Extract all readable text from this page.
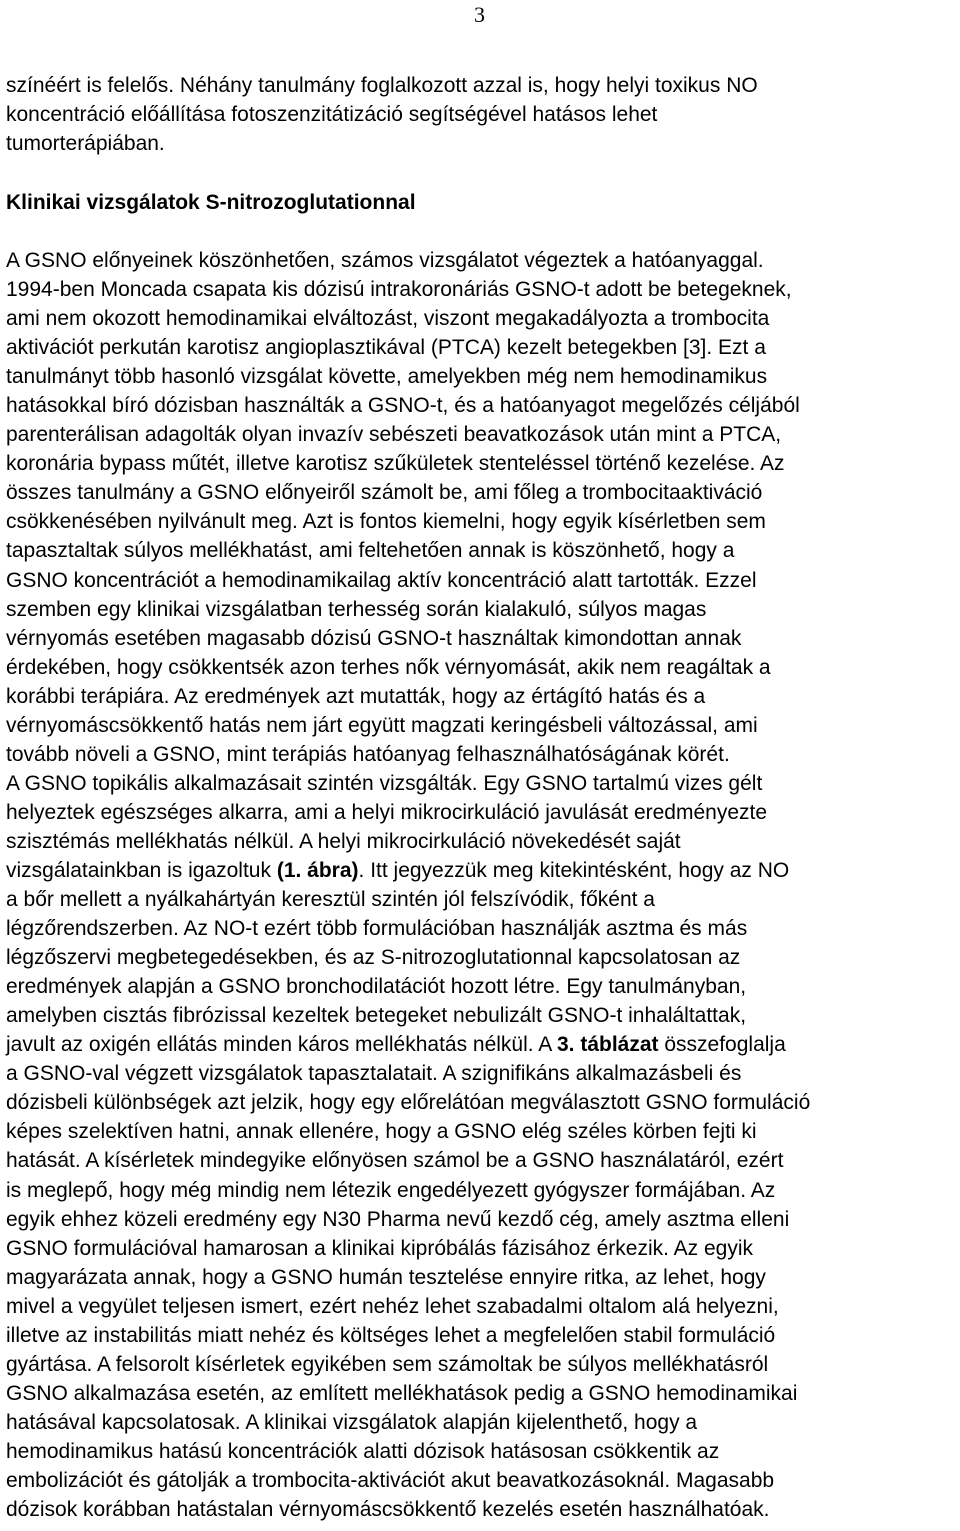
3
színéért is felelős. Néhány tanulmány foglalkozott azzal is, hogy helyi toxikus NO
koncentráció előállítása fotoszenzitátizáció segítségével hatásos lehet
tumorterápiában.
Klinikai vizsgálatok S-nitrozoglutationnal
A GSNO előnyeinek köszönhetően, számos vizsgálatot végeztek a hatóanyaggal.
1994-ben Moncada csapata kis dózisú intrakoronáriás GSNO-t adott be betegeknek,
ami nem okozott hemodinamikai elváltozást, viszont megakadályozta a trombocita
aktivációt perkután karotisz angioplasztikával (PTCA) kezelt betegekben [3]. Ezt a
tanulmányt több hasonló vizsgálat követte, amelyekben még nem hemodinamikus
hatásokkal bíró dózisban használták a GSNO-t, és a hatóanyagot megelőzés céljából
parenterálisan adagolták olyan invazív sebészeti beavatkozások után mint a PTCA,
koronária bypass műtét, illetve karotisz szűkületek stenteléssel történő kezelése. Az
összes tanulmány a GSNO előnyeiről számolt be, ami főleg a trombocitaaktiváció
csökkenésében nyilvánult meg. Azt is fontos kiemelni, hogy egyik kísérletben sem
tapasztaltak súlyos mellékhatást, ami feltehetően annak is köszönhető, hogy a
GSNO koncentrációt a hemodinamikailag aktív koncentráció alatt tartották. Ezzel
szemben egy klinikai vizsgálatban terhesség során kialakuló, súlyos magas
vérnyomás esetében magasabb dózisú GSNO-t használtak kimondottan annak
érdekében, hogy csökkentsék azon terhes nők vérnyomását, akik nem reagáltak a
korábbi terápiára. Az eredmények azt mutatták, hogy az értágító hatás és a
vérnyomáscsökkentő hatás nem járt együtt magzati keringésbeli változással, ami
tovább növeli a GSNO, mint terápiás hatóanyag felhasználhatóságának körét.
A GSNO topikális alkalmazásait szintén vizsgálták. Egy GSNO tartalmú vizes gélt
helyeztek egészséges alkarra, ami a helyi mikrocirkuláció javulását eredményezte
szisztémás mellékhatás nélkül. A helyi mikrocirkuláció növekedését saját
vizsgálatainkban is igazoltuk (1. ábra). Itt jegyezzük meg kitekintésként, hogy az NO
a bőr mellett a nyálkahártyán keresztül szintén jól felszívódik, főként a
légzőrendszerben. Az NO-t ezért több formulációban használják asztma és más
légzőszervi megbetegedésekben, és az S-nitrozoglutationnal kapcsolatosan az
eredmények alapján a GSNO bronchodilatációt hozott létre. Egy tanulmányban,
amelyben cisztás fibrózissal kezeltek betegeket nebulizált GSNO-t inhaláltattak,
javult az oxigén ellátás minden káros mellékhatás nélkül. A 3. táblázat összefoglalja
a GSNO-val végzett vizsgálatok tapasztalatait. A szignifikáns alkalmazásbeli és
dózisbeli különbségek azt jelzik, hogy egy előrelátóan megválasztott GSNO formuláció
képes szelektíven hatni, annak ellenére, hogy a GSNO elég széles körben fejti ki
hatását. A kísérletek mindegyike előnyösen számol be a GSNO használatáról, ezért
is meglepő, hogy még mindig nem létezik engedélyezett gyógyszer formájában. Az
egyik ehhez közeli eredmény egy N30 Pharma nevű kezdő cég, amely asztma elleni
GSNO formulációval hamarosan a klinikai kipróbálás fázisához érkezik. Az egyik
magyarázata annak, hogy a GSNO humán tesztelése ennyire ritka, az lehet, hogy
mivel a vegyület teljesen ismert, ezért nehéz lehet szabadalmi oltalom alá helyezni,
illetve az instabilitás miatt nehéz és költséges lehet a megfelelően stabil formuláció
gyártása. A felsorolt kísérletek egyikében sem számoltak be súlyos mellékhatásról
GSNO alkalmazása esetén, az említett mellékhatások pedig a GSNO hemodinamikai
hatásával kapcsolatosak. A klinikai vizsgálatok alapján kijelenthető, hogy a
hemodinamikus hatású koncentrációk alatti dózisok hatásosan csökkentik az
embolizációt és gátolják a trombocita-aktivációt akut beavatkozásoknál. Magasabb
dózisok korábban hatástalan vérnyomáscsökkentő kezelés esetén használhatóak.
